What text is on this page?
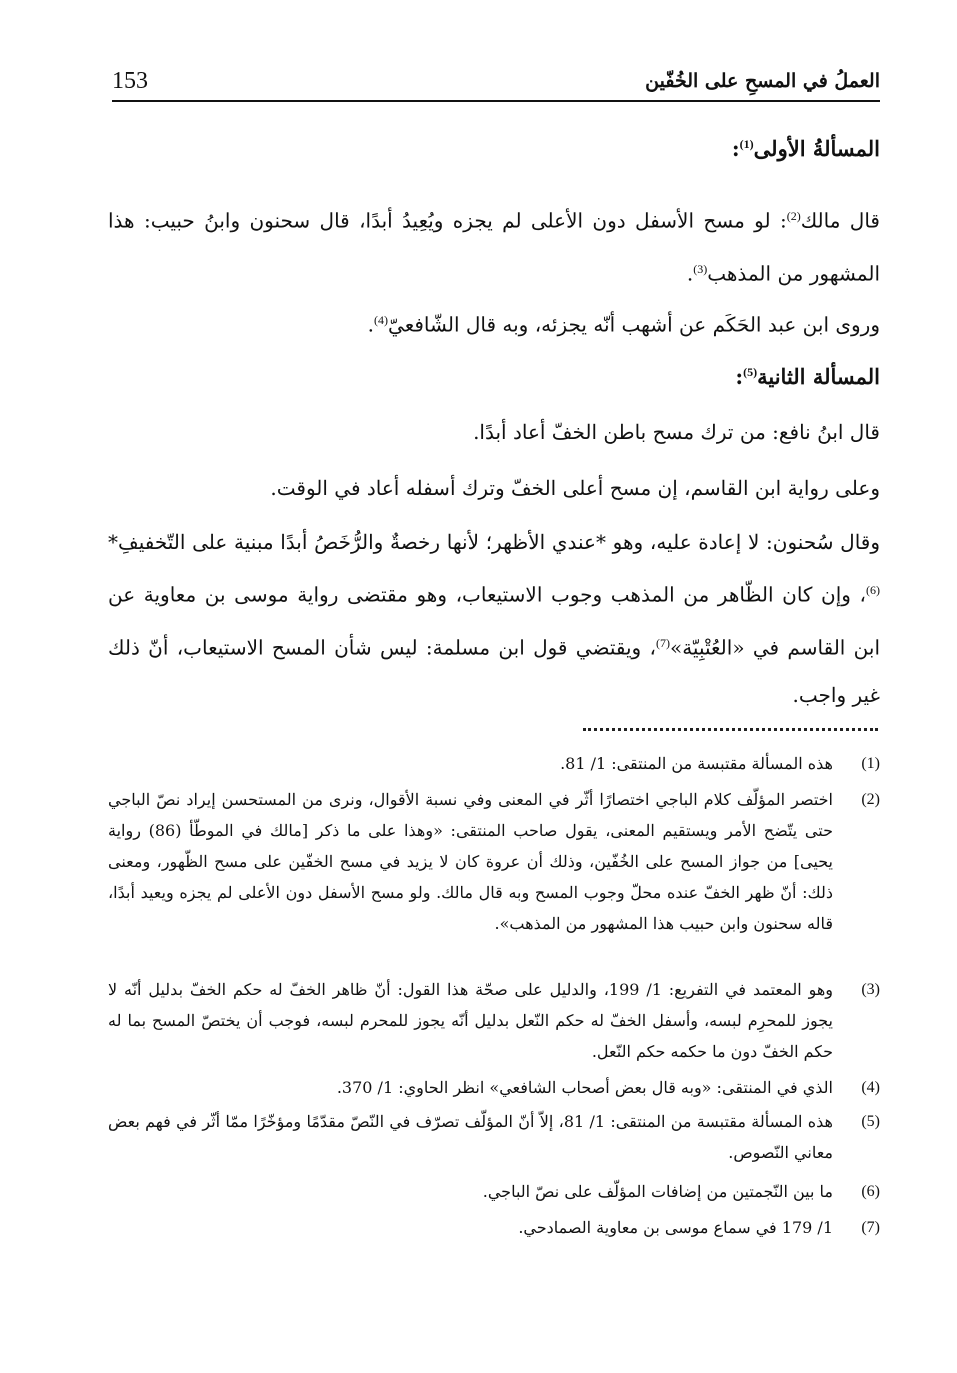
153	العملُ في المسحِ على الخُفّين
المسألةُ الأولى$^{(1)}$:
قال مالك$^{(2)}$: لو مسح الأسفل دون الأعلى لم يجزه ويُعِيدُ أبدًا، قال سحنون وابنُ حبيب: هذا المشهور من المذهب$^{(3)}$.
وروى ابن عبد الحَكَم عن أشهب أنّه يجزئه، وبه قال الشّافعيّ$^{(4)}$.
المسألة الثانية$^{(5)}$:
قال ابنُ نافع: من ترك مسح باطن الخفّ أعاد أبدًا.
وعلى رواية ابن القاسم، إن مسح أعلى الخفّ وترك أسفله أعاد في الوقت.
وقال سُحنون: لا إعادة عليه، وهو *عندي الأظهر؛ لأنها رخصةٌ والرُّخَصُ أبدًا مبنية على التّخفيفِ*$^{(6)}$، وإن كان الظّاهر من المذهب وجوب الاستيعاب، وهو مقتضى رواية موسى بن معاوية عن ابن القاسم في «العُتْبِيّة»$^{(7)}$، ويقتضي قول ابن مسلمة: ليس شأن المسح الاستيعاب، أنّ ذلك غير واجب.
(1)
هذه المسألة مقتبسة من المنتقى: 1/ 81.
(2)
اختصر المؤلّف كلام الباجي اختصارًا أثّر في المعنى وفي نسبة الأقوال، ونرى من المستحسن إيراد نصّ الباجي حتى يتّضح الأمر ويستقيم المعنى، يقول صاحب المنتقى: «وهذا على ما ذكر [مالك في الموطّأ (86) رواية يحيى] من جواز المسح على الخُفّين، وذلك أن عروة كان لا يزيد في مسح الخفّين على مسح الظّهور، ومعنى ذلك: أنّ ظهر الخفّ عنده محلّ وجوب المسح وبه قال مالك. ولو مسح الأسفل دون الأعلى لم يجزه ويعيد أبدًا، قاله سحنون وابن حبيب هذا المشهور من المذهب».
(3)
وهو المعتمد في التفريع: 1/ 199، والدليل على صحّة هذا القول: أنّ ظاهر الخفّ له حكم الخفّ بدليل أنّه لا يجوز للمحرِم لبسه، وأسفل الخفّ له حكم النّعل بدليل أنّه يجوز للمحرم لبسه، فوجب أن يختصّ المسح بما له حكم الخفّ دون ما حكمه حكم النّعل.
(4)
الذي في المنتقى: «وبه قال بعض أصحاب الشافعي» انظر الحاوي: 1/ 370.
(5)
هذه المسألة مقتبسة من المنتقى: 1/ 81، إلاّ أنّ المؤلّف تصرّف في النّصّ مقدّمًا ومؤخّرًا ممّا أثّر في فهم بعض معاني النّصوص.
(6)
ما بين النّجمتين من إضافات المؤلّف على نصّ الباجي.
(7)
1/ 179 في سماع موسى بن معاوية الصمادحي.
